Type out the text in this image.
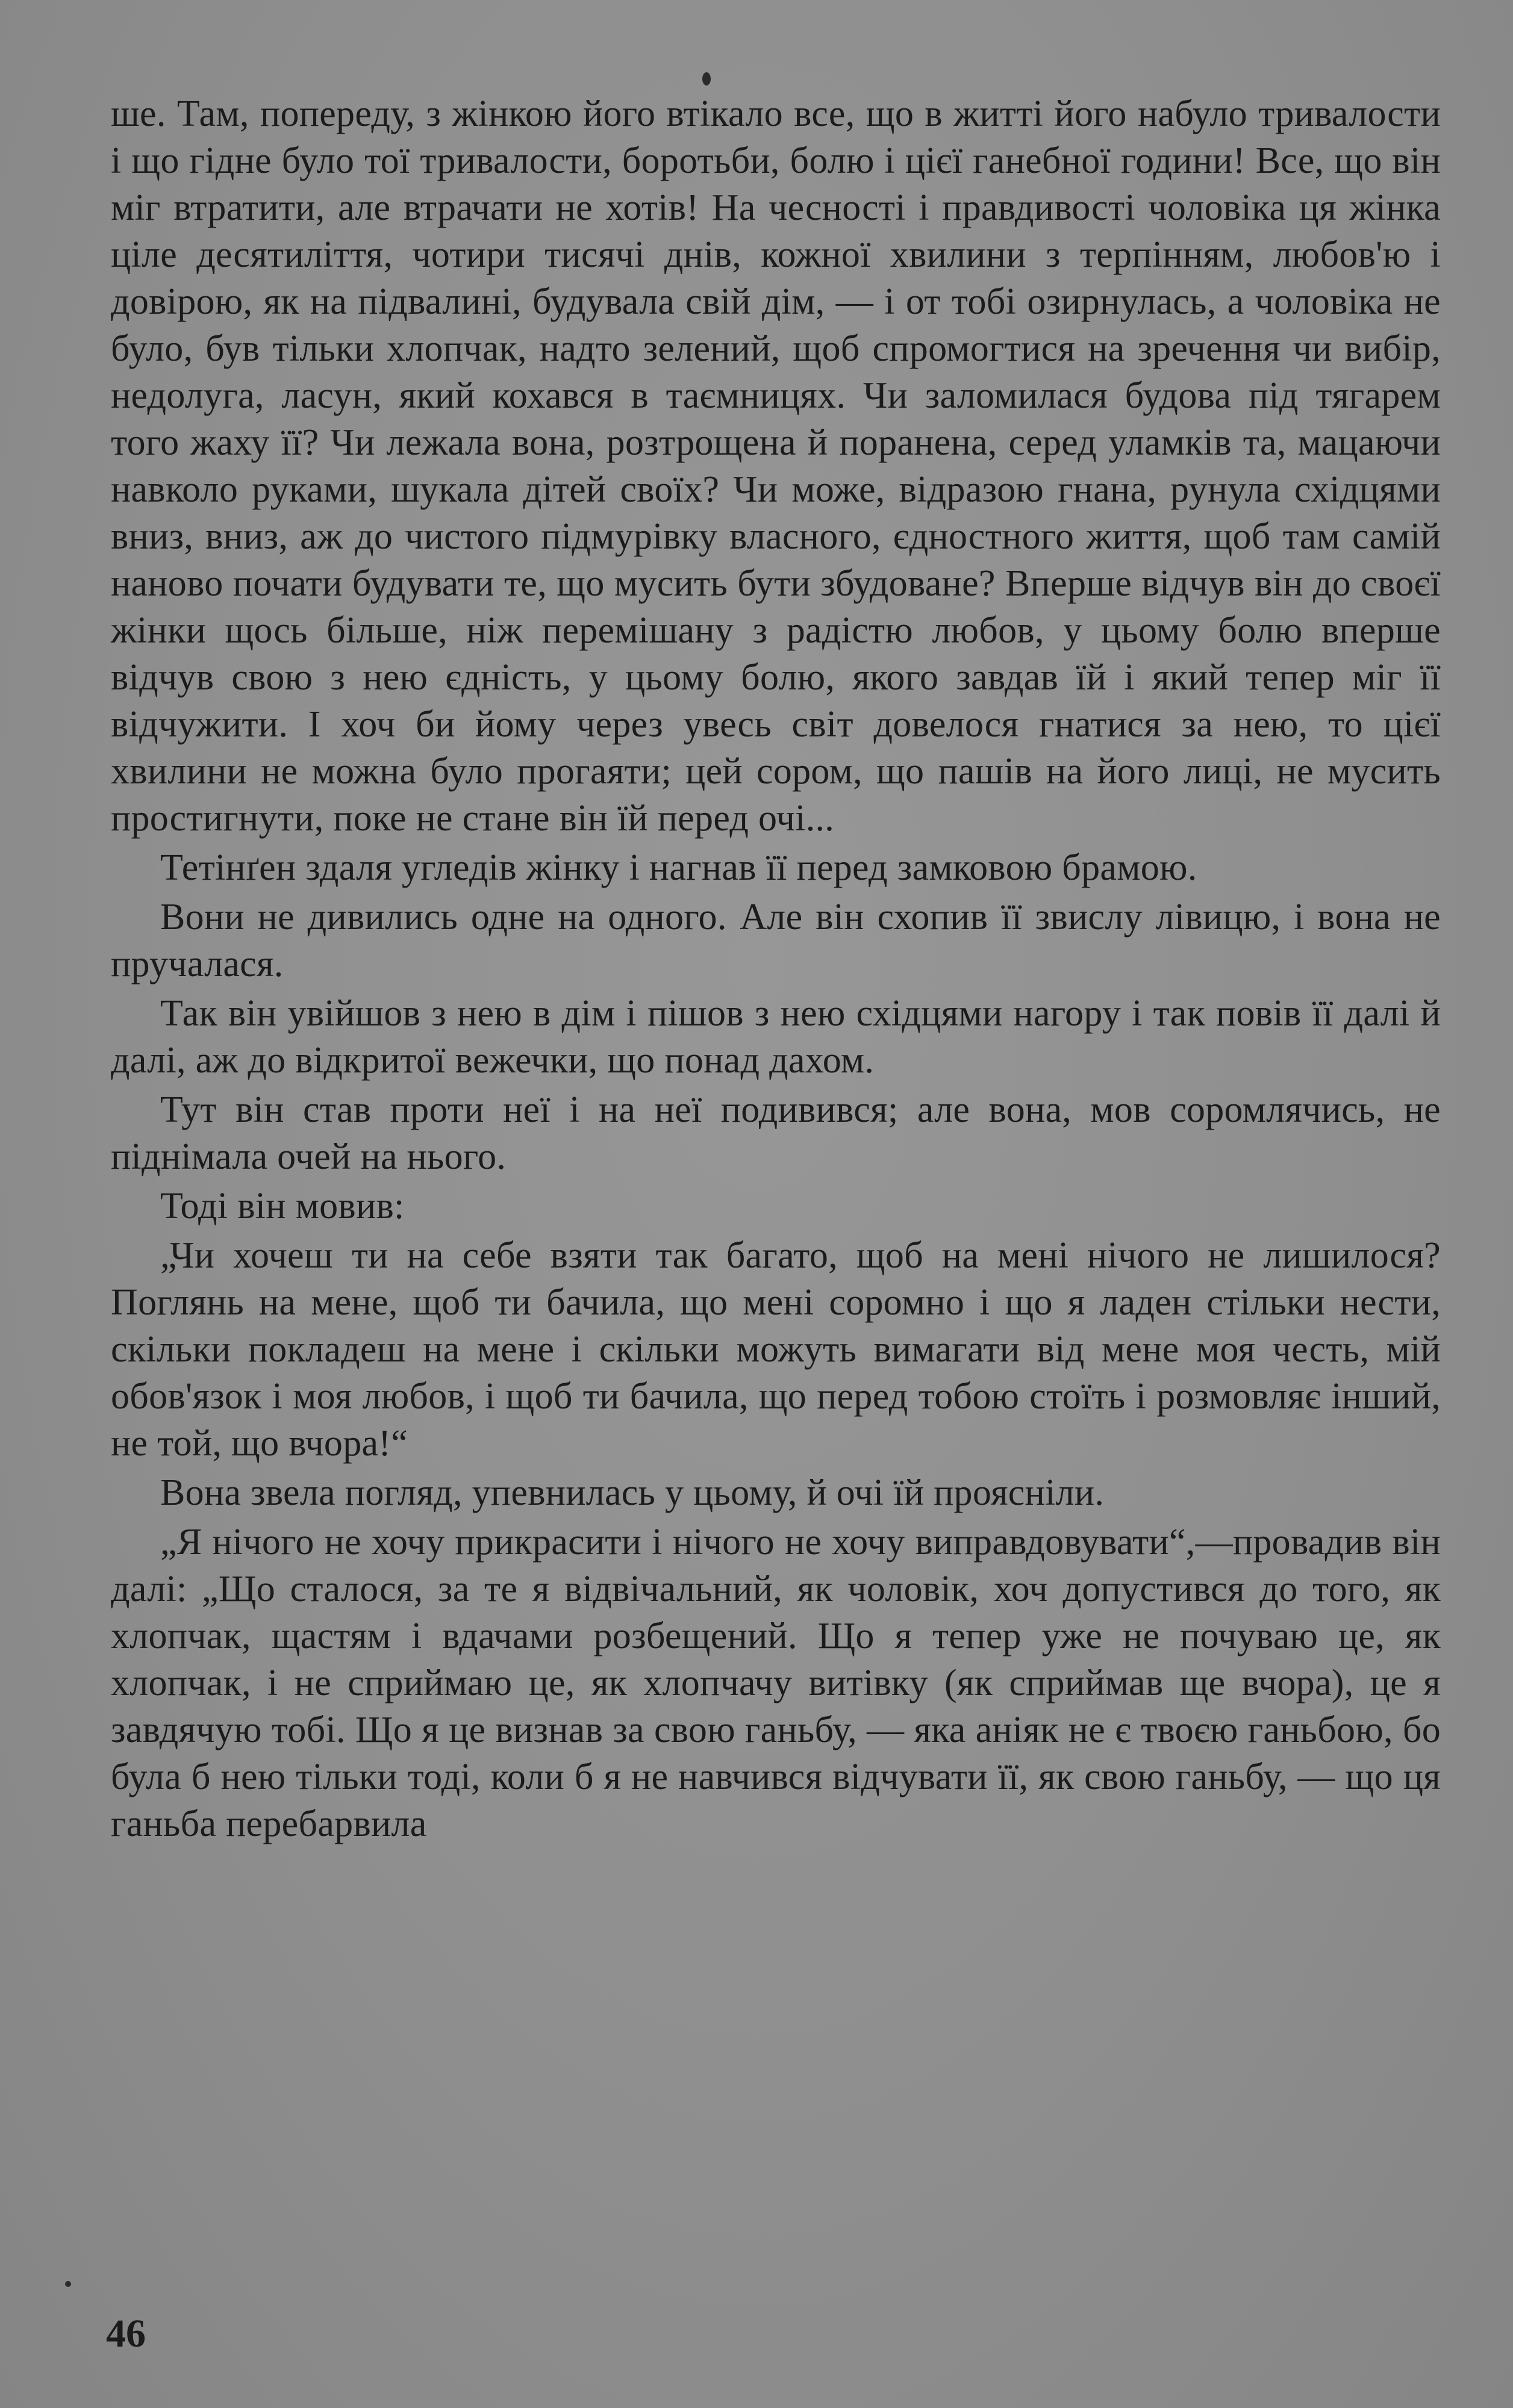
ше. Там, попереду, з жінкою його втікало все, що в житті його набуло тривалости і що гідне було тої тривалости, боротьби, болю і цієї ганебної години! Все, що він міг втратити, але втрачати не хотів! На чесності і правдивості чоловіка ця жінка ціле десятиліття, чотири тисячі днів, кожної хвилини з терпінням, любов'ю і довірою, як на підвалині, будувала свій дім, — і от тобі озирнулась, а чоловіка не було, був тільки хлопчак, надто зелений, щоб спромогтися на зречення чи вибір, недолуга, ласун, який кохався в таємницях. Чи заломилася будова під тягарем того жаху її? Чи лежала вона, розтрощена й поранена, серед уламків та, мацаючи навколо руками, шукала дітей своїх? Чи може, відразою гнана, рунула східцями вниз, вниз, аж до чистого підмурівку власного, єдностного життя, щоб там самій наново почати будувати те, що мусить бути збудоване? Вперше відчув він до своєї жінки щось більше, ніж перемішану з радістю любов, у цьому болю вперше відчув свою з нею єдність, у цьому болю, якого завдав їй і який тепер міг її відчужити. І хоч би йому через увесь світ довелося гнатися за нею, то цієї хвилини не можна було прогаяти; цей сором, що пашів на його лиці, не мусить простигнути, поке не стане він їй перед очі...

Тетінґен здаля угледів жінку і нагнав її перед замковою брамою.

Вони не дивились одне на одного. Але він схопив її звислу лівицю, і вона не пручалася.

Так він увійшов з нею в дім і пішов з нею східцями нагору і так повів її далі й далі, аж до відкритої вежечки, що понад дахом.

Тут він став проти неї і на неї подивився; але вона, мов соромлячись, не піднімала очей на нього.

Тоді він мовив:

„Чи хочеш ти на себе взяти так багато, щоб на мені нічого не лишилося? Поглянь на мене, щоб ти бачила, що мені соромно і що я ладен стільки нести, скільки покладеш на мене і скільки можуть вимагати від мене моя честь, мій обов'язок і моя любов, і щоб ти бачила, що перед тобою стоїть і розмовляє інший, не той, що вчора!“

Вона звела погляд, упевнилась у цьому, й очі їй проясніли.

„Я нічого не хочу прикрасити і нічого не хочу виправдовувати“,—провадив він далі: „Що сталося, за те я відвічальний, як чоловік, хоч допустився до того, як хлопчак, щастям і вдачами розбещений. Що я тепер уже не почуваю це, як хлопчак, і не сприймаю це, як хлопчачу витівку (як сприймав ще вчора), це я завдячую тобі. Що я це визнав за свою ганьбу, — яка аніяк не є твоєю ганьбою, бо була б нею тільки тоді, коли б я не навчився відчувати її, як свою ганьбу, — що ця ганьба перебарвила

46
